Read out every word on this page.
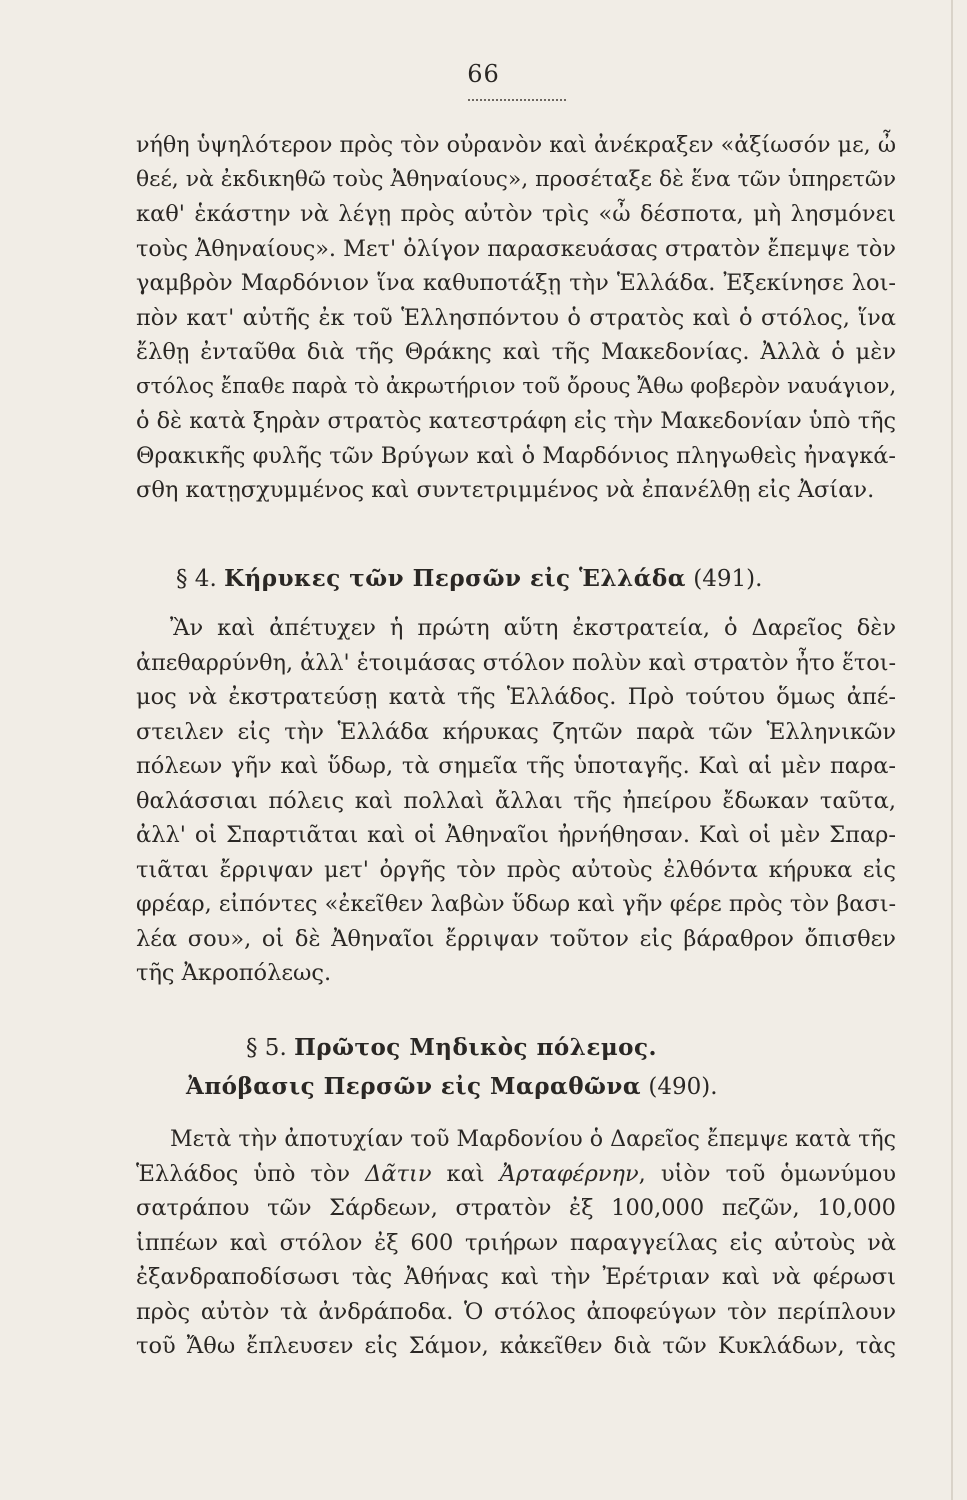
66
νήθη ὑψηλότερον πρὸς τὸν οὐρανὸν καὶ ἀνέκραξεν «ἀξίωσόν με, ὦ
θεέ, νὰ ἐκδικηθῶ τοὺς Ἀθηναίους», προσέταξε δὲ ἕνα τῶν ὑπηρετῶν
καθ' ἑκάστην νὰ λέγῃ πρὸς αὐτὸν τρὶς «ὦ δέσποτα, μὴ λησμόνει
τοὺς Ἀθηναίους». Μετ' ὀλίγον παρασκευάσας στρατὸν ἔπεμψε τὸν
γαμβρὸν Μαρδόνιον ἵνα καθυποτάξῃ τὴν Ἑλλάδα. Ἐξεκίνησε λοι-
πὸν κατ' αὐτῆς ἐκ τοῦ Ἑλλησπόντου ὁ στρατὸς καὶ ὁ στόλος, ἵνα
ἔλθῃ ἐνταῦθα διὰ τῆς Θράκης καὶ τῆς Μακεδονίας. Ἀλλὰ ὁ μὲν
στόλος ἔπαθε παρὰ τὸ ἀκρωτήριον τοῦ ὄρους Ἄθω φοβερὸν ναυάγιον,
ὁ δὲ κατὰ ξηρὰν στρατὸς κατεστράφη εἰς τὴν Μακεδονίαν ὑπὸ τῆς
Θρακικῆς φυλῆς τῶν Βρύγων καὶ ὁ Μαρδόνιος πληγωθεὶς ἠναγκά-
σθη κατῃσχυμμένος καὶ συντετριμμένος νὰ ἐπανέλθῃ εἰς Ἀσίαν.
§ 4. Κήρυκες τῶν Περσῶν εἰς Ἑλλάδα (491).
Ἂν καὶ ἀπέτυχεν ἡ πρώτη αὕτη ἐκστρατεία, ὁ Δαρεῖος δὲν
ἀπεθαρρύνθη, ἀλλ' ἑτοιμάσας στόλον πολὺν καὶ στρατὸν ἦτο ἕτοι-
μος νὰ ἐκστρατεύσῃ κατὰ τῆς Ἑλλάδος. Πρὸ τούτου ὅμως ἀπέ-
στειλεν εἰς τὴν Ἑλλάδα κήρυκας ζητῶν παρὰ τῶν Ἑλληνικῶν
πόλεων γῆν καὶ ὕδωρ, τὰ σημεῖα τῆς ὑποταγῆς. Καὶ αἱ μὲν παρα-
θαλάσσιαι πόλεις καὶ πολλαὶ ἄλλαι τῆς ἠπείρου ἔδωκαν ταῦτα,
ἀλλ' οἱ Σπαρτιᾶται καὶ οἱ Ἀθηναῖοι ἠρνήθησαν. Καὶ οἱ μὲν Σπαρ-
τιᾶται ἔρριψαν μετ' ὀργῆς τὸν πρὸς αὐτοὺς ἐλθόντα κήρυκα εἰς
φρέαρ, εἰπόντες «ἐκεῖθεν λαβὼν ὕδωρ καὶ γῆν φέρε πρὸς τὸν βασι-
λέα σου», οἱ δὲ Ἀθηναῖοι ἔρριψαν τοῦτον εἰς βάραθρον ὄπισθεν
τῆς Ἀκροπόλεως.
§ 5. Πρῶτος Μηδικὸς πόλεμος.
Ἀπόβασις Περσῶν εἰς Μαραθῶνα (490).
Μετὰ τὴν ἀποτυχίαν τοῦ Μαρδονίου ὁ Δαρεῖος ἔπεμψε κατὰ τῆς
Ἑλλάδος ὑπὸ τὸν Δᾶτιν καὶ Ἀρταφέρνην, υἱὸν τοῦ ὁμωνύμου
σατράπου τῶν Σάρδεων, στρατὸν ἐξ 100,000 πεζῶν, 10,000
ἱππέων καὶ στόλον ἐξ 600 τριήρων παραγγείλας εἰς αὐτοὺς νὰ
ἐξανδραποδίσωσι τὰς Ἀθήνας καὶ τὴν Ἐρέτριαν καὶ νὰ φέρωσι
πρὸς αὐτὸν τὰ ἀνδράποδα. Ὁ στόλος ἀποφεύγων τὸν περίπλουν
τοῦ Ἄθω ἔπλευσεν εἰς Σάμον, κἀκεῖθεν διὰ τῶν Κυκλάδων, τὰς
